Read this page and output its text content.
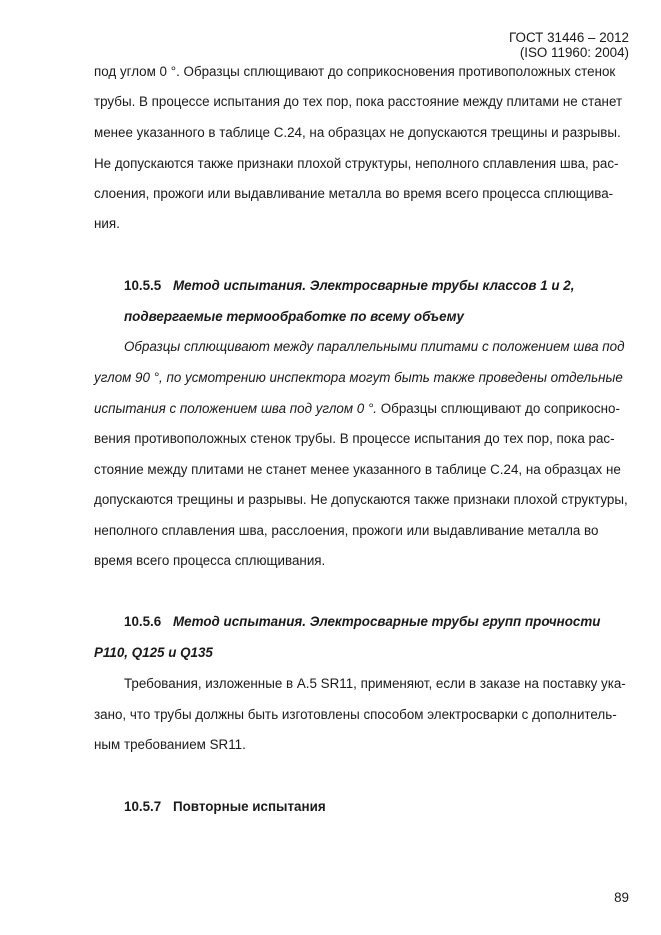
ГОСТ 31446 – 2012
(ISO 11960: 2004)
под углом 0 °. Образцы сплющивают до соприкосновения противоположных стенок
трубы. В процессе испытания до тех пор, пока расстояние между плитами не станет
менее указанного в таблице С.24, на образцах не допускаются трещины и разрывы.
Не допускаются также признаки плохой структуры, неполного сплавления шва, рас-
слоения, прожоги или выдавливание металла во время всего процесса сплющива-
ния.
10.5.5 Метод испытания. Электросварные трубы классов 1 и 2,
подвергаемые термообработке по всему объему
Образцы сплющивают между параллельными плитами с положением шва под
углом 90 °, по усмотрению инспектора могут быть также проведены отдельные
испытания с положением шва под углом 0 °. Образцы сплющивают до соприкосно-
вения противоположных стенок трубы. В процессе испытания до тех пор, пока рас-
стояние между плитами не станет менее указанного в таблице С.24, на образцах не
допускаются трещины и разрывы. Не допускаются также признаки плохой структуры,
неполного сплавления шва, расслоения, прожоги или выдавливание металла во
время всего процесса сплющивания.
10.5.6 Метод испытания. Электросварные трубы групп прочности
Р110, Q125 и Q135
Требования, изложенные в А.5 SR11, применяют, если в заказе на поставку ука-
зано, что трубы должны быть изготовлены способом электросварки с дополнитель-
ным требованием SR11.
10.5.7 Повторные испытания
89
